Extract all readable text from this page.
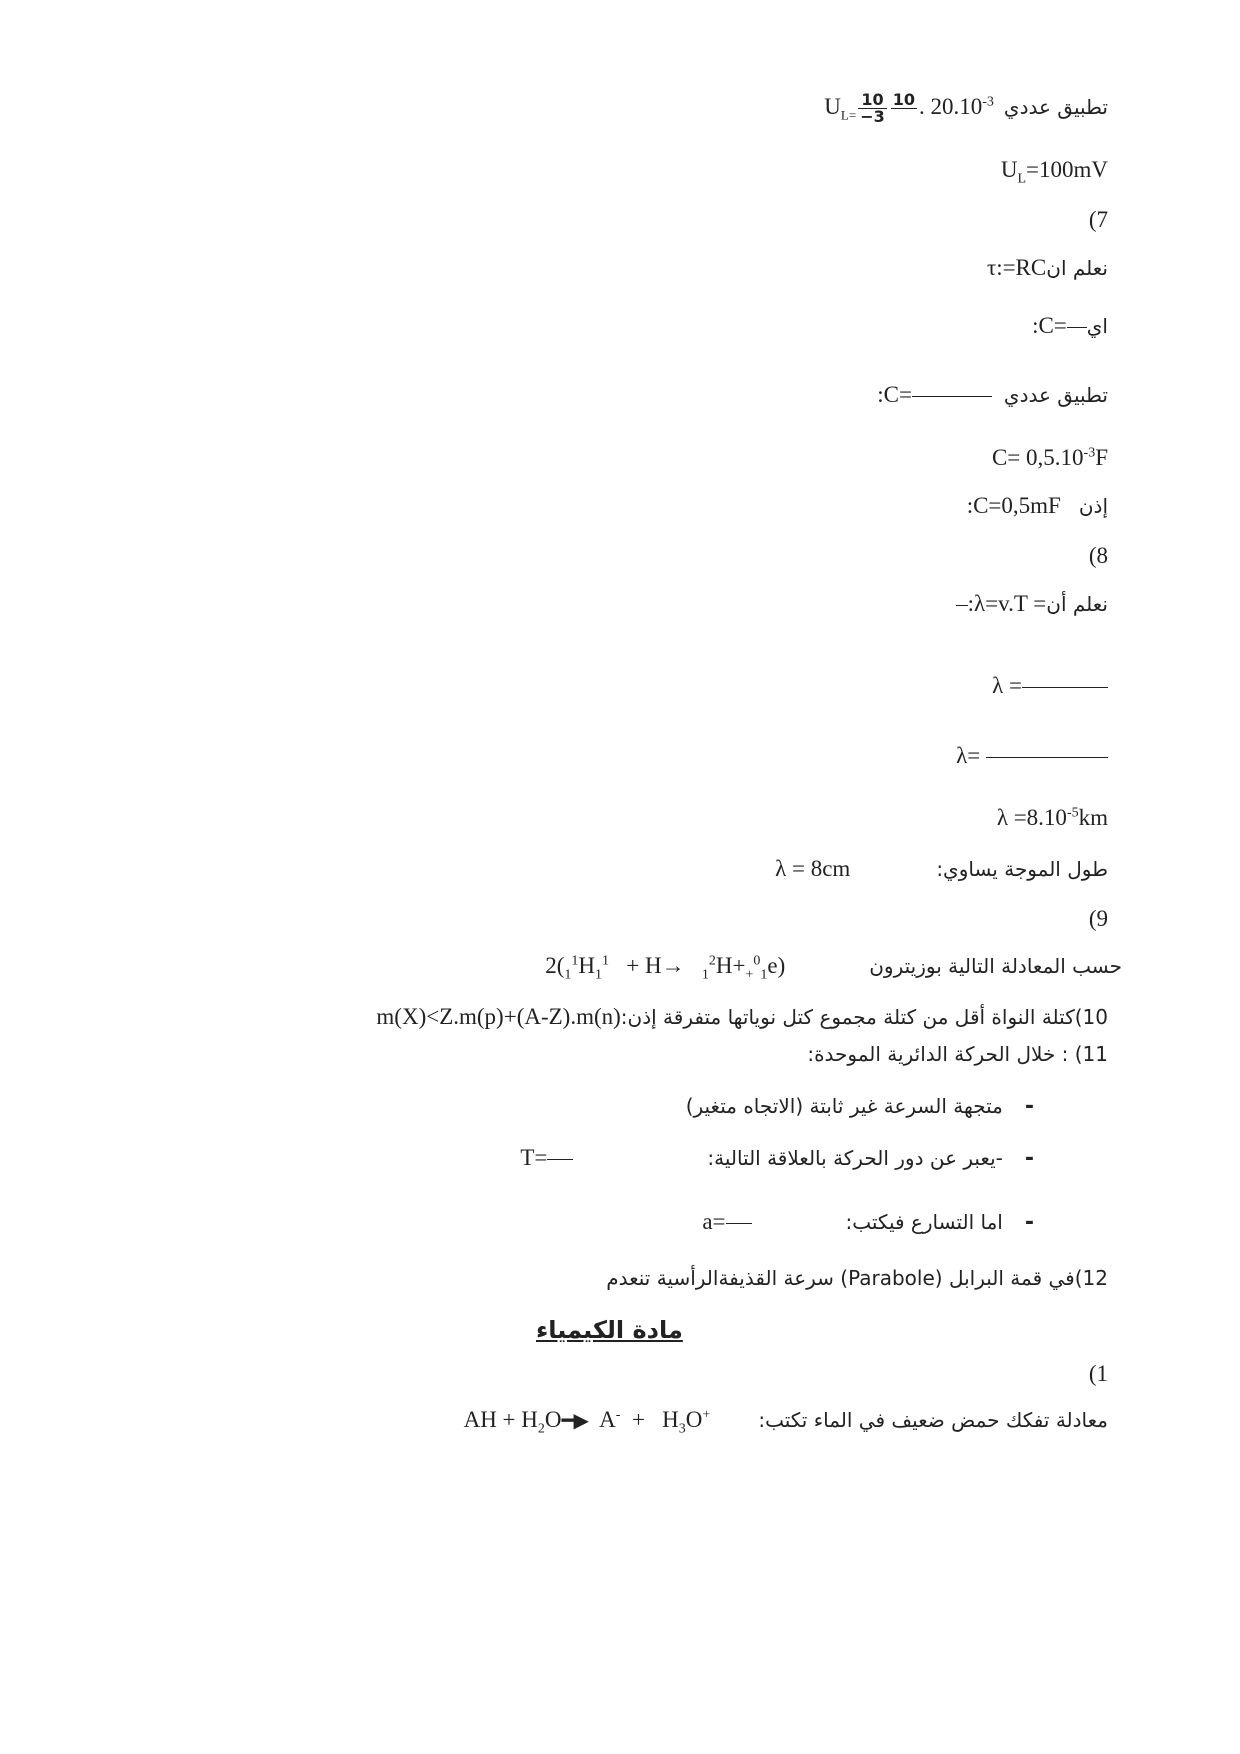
تطبيق عددي $U_{L=} \frac{10}{-3} 10$
. $20.10^{-3}$
$U_L=100mV$
(7
نعلم انτ:=RC
اي:C=
تطبيق عددي :C=
$C= 0,5.10^{-3}F$
إذن :C=0,5mF
(8
نعلم أن:λ=v.T =
λ =
λ=
$\lambda =8.10^{-5}km$
طول الموجة يساوي: λ = 8cm
(9
حسب المعادلة التالية بوزيترون $2(_1^1H_1^1 + H\to _1^2H+_+^0_1e)$
10)كتلة النواة أقل من كتلة مجموع كتل نوياتها متفرقة إذن:m(X)<Z.m(p)+(A-Z).m(n)
11) : خلال الحركة الدائرية الموحدة:
-متجهة السرعة غير ثابتة (الاتجاه متغير)
--يعبر عن دور الحركة بالعلاقة التالية: T=
-اما التسارع فيكتب: a=
12)في قمة البرابل (Parabole) سرعة القذيفةالرأسية تنعدم
مادة الكيمياء
(1
معادلة تفكك حمض ضعيف في الماء تكتب: AH + $H_2O━▶$  $A^- + H_3O^+$
